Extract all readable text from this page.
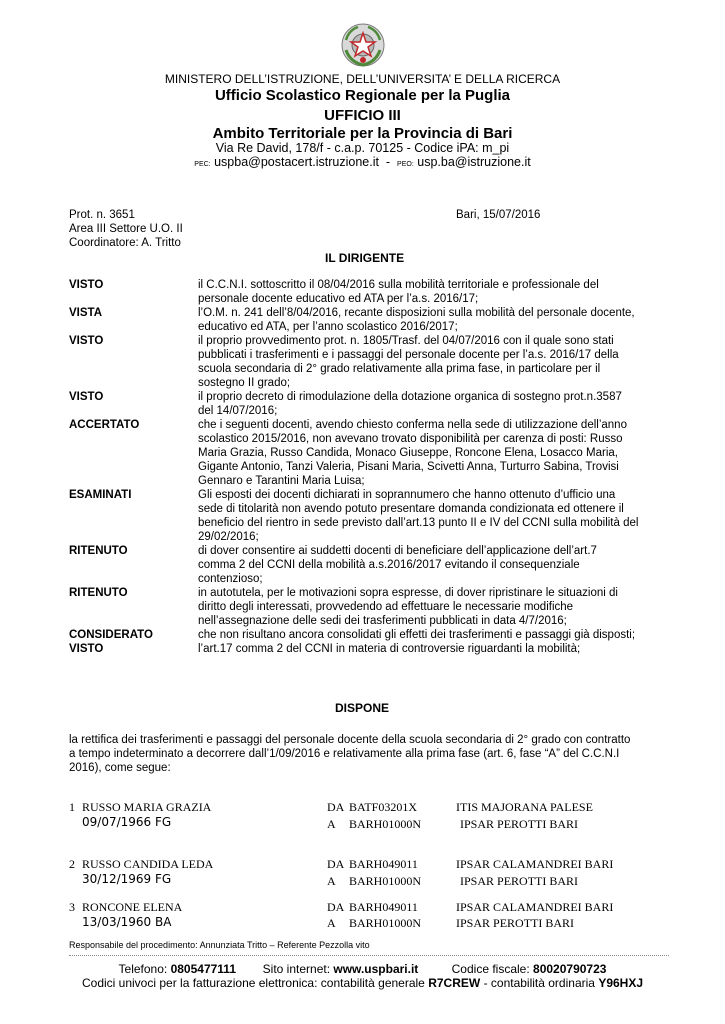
MINISTERO DELL’ISTRUZIONE, DELL’UNIVERSITA’ E DELLA RICERCA
Ufficio Scolastico Regionale per la Puglia
UFFICIO III
Ambito Territoriale per la Provincia di Bari
Via Re David, 178/f - c.a.p. 70125 - Codice iPA: m_pi
PEC: uspba@postacert.istruzione.it - PEO: usp.ba@istruzione.it
Prot. n. 3651
Area III Settore U.O. II
Coordinatore: A. Tritto
Bari, 15/07/2016
IL DIRIGENTE
VISTO	il C.C.N.I. sottoscritto il 08/04/2016 sulla mobilità territoriale e professionale del
personale docente educativo ed ATA per l’a.s. 2016/17;
VISTA	l’O.M. n. 241 dell’8/04/2016, recante disposizioni sulla mobilità del personale docente,
educativo ed ATA, per l’anno scolastico 2016/2017;
VISTO	il proprio provvedimento prot. n. 1805/Trasf. del 04/07/2016 con il quale sono stati
pubblicati i trasferimenti e i passaggi del personale docente per l’a.s. 2016/17 della
scuola secondaria di 2° grado relativamente alla prima fase, in particolare per il
sostegno II grado;
VISTO	il proprio decreto di rimodulazione della dotazione organica di sostegno prot.n.3587
del 14/07/2016;
ACCERTATO	che i seguenti docenti, avendo chiesto conferma nella sede di utilizzazione dell’anno
scolastico 2015/2016, non avevano trovato disponibilità per carenza di posti: Russo
Maria Grazia, Russo Candida, Monaco Giuseppe, Roncone Elena, Losacco Maria,
Gigante Antonio, Tanzi Valeria, Pisani Maria, Scivetti Anna, Turturro Sabina, Trovisi
Gennaro e Tarantini Maria Luisa;
ESAMINATI	Gli esposti dei docenti dichiarati in soprannumero che hanno ottenuto d’ufficio una
sede di titolarità non avendo potuto presentare domanda condizionata ed ottenere il
beneficio del rientro in sede previsto dall’art.13 punto II e IV del CCNI sulla mobilità del
29/02/2016;
RITENUTO	di dover consentire ai suddetti docenti di beneficiare dell’applicazione dell’art.7
comma 2 del CCNI della mobilità a.s.2016/2017 evitando il consequenziale
contenzioso;
RITENUTO	in autotutela, per le motivazioni sopra espresse, di dover ripristinare le situazioni di
diritto degli interessati, provvedendo ad effettuare le necessarie modifiche
nell’assegnazione delle sedi dei trasferimenti pubblicati in data 4/7/2016;
CONSIDERATO	che non risultano ancora consolidati gli effetti dei trasferimenti e passaggi già disposti;
VISTO	l’art.17 comma 2 del CCNI in materia di controversie riguardanti la mobilità;
DISPONE
la rettifica dei trasferimenti e passaggi del personale docente della scuola secondaria di 2° grado con contratto
a tempo indeterminato a decorrere dall’1/09/2016 e relativamente alla prima fase (art. 6, fase “A” del C.C.N.I
2016), come segue:
1 RUSSO MARIA GRAZIA
09/07/1966 FG
DA BATF03201X	ITIS MAJORANA PALESE
A BARH01000N	IPSAR PEROTTI BARI
2 RUSSO CANDIDA LEDA
30/12/1969 FG
DA BARH049011	IPSAR CALAMANDREI BARI
A BARH01000N	IPSAR PEROTTI BARI
3 RONCONE ELENA
13/03/1960 BA
DA BARH049011	IPSAR CALAMANDREI BARI
A BARH01000N	IPSAR PEROTTI BARI
Responsabile del procedimento: Annunziata Tritto – Referente Pezzolla vito
Telefono: 0805477111 Sito internet: www.uspbari.it	Codice fiscale: 80020790723
Codici univoci per la fatturazione elettronica: contabilità generale R7CREW - contabilità ordinaria Y96HXJ
